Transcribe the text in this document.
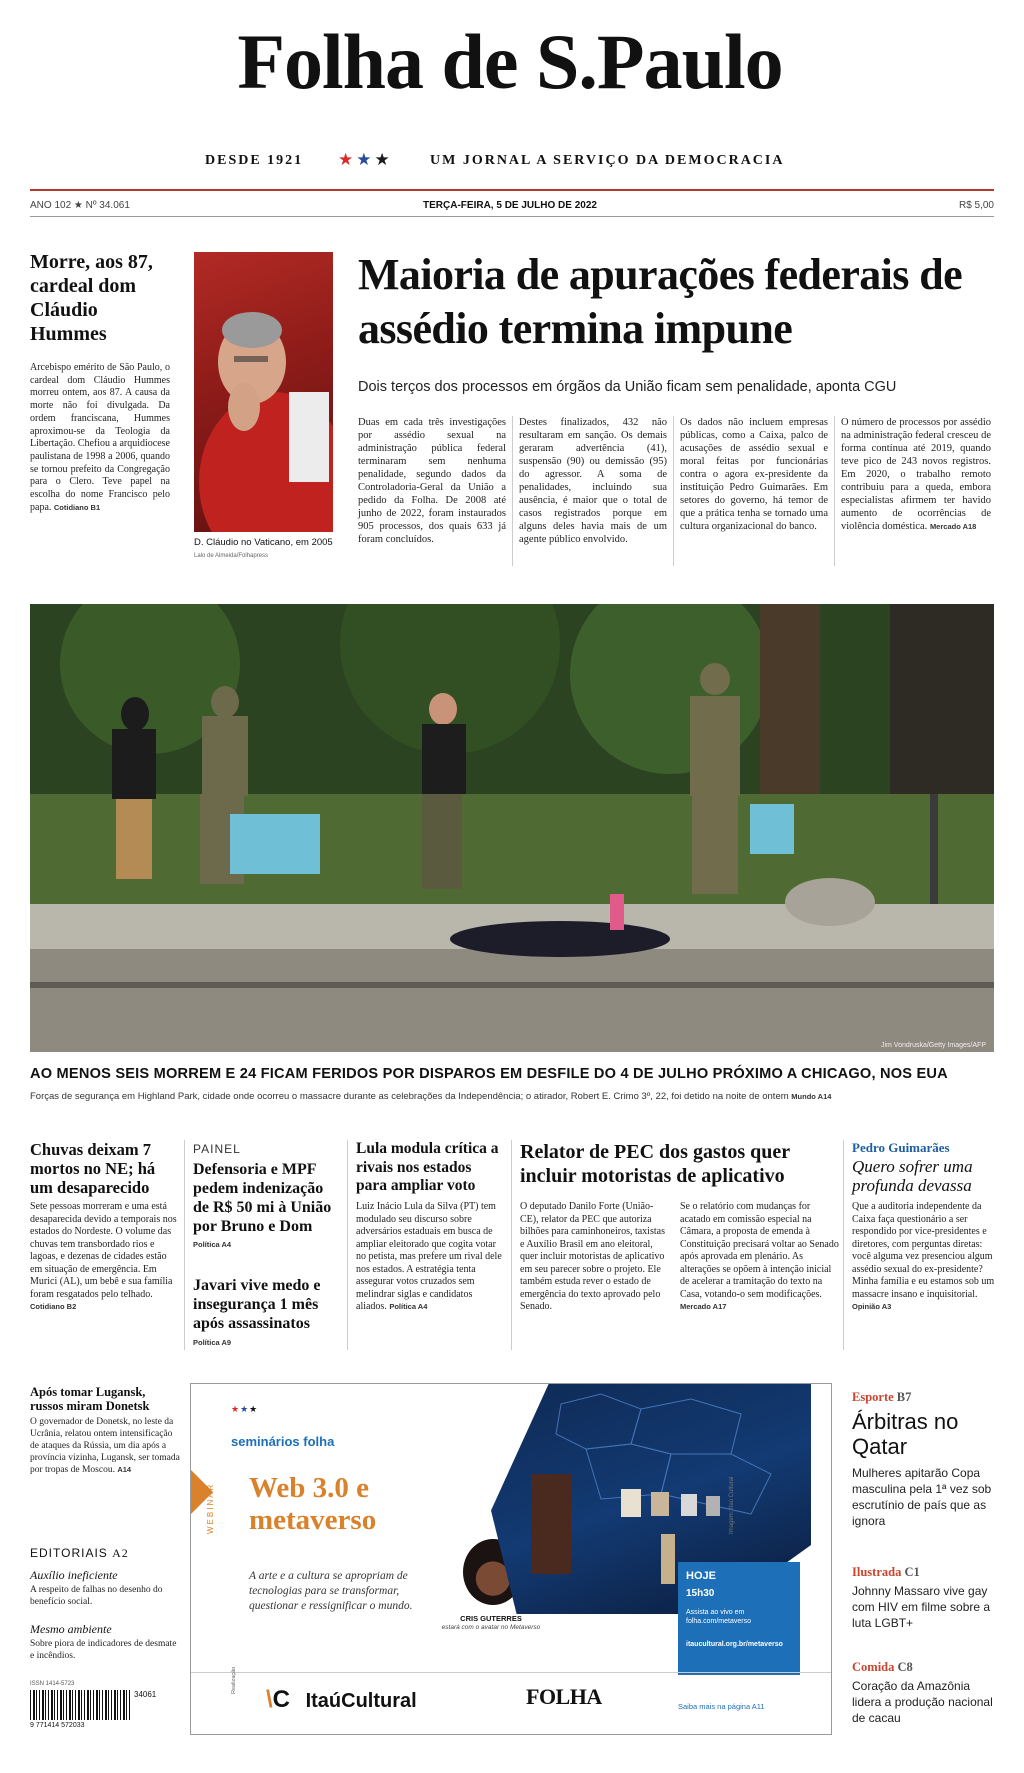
Folha de S.Paulo
DESDE 1921 ★★★	UM JORNAL A SERVIÇO DA DEMOCRACIA
ANO 102 ★ Nº 34.061	TERÇA-FEIRA, 5 DE JULHO DE 2022	R$ 5,00
Morre, aos 87, cardeal dom Cláudio Hummes
Arcebispo emérito de São Paulo, o cardeal dom Cláudio Hummes morreu ontem, aos 87. A causa da morte não foi divulgada. Da ordem franciscana, Hummes aproximou-se da Teologia da Libertação. Chefiou a arquidiocese paulistana de 1998 a 2006, quando se tornou prefeito da Congregação para o Clero. Teve papel na escolha do nome Francisco pelo papa. Cotidiano B1
D. Cláudio no Vaticano, em 2005 Lalo de Almeida/Folhapress
Maioria de apurações federais de assédio termina impune
Dois terços dos processos em órgãos da União ficam sem penalidade, aponta CGU
Duas em cada três investigações por assédio sexual na administração pública federal terminaram sem nenhuma penalidade, segundo dados da Controladoria-Geral da União a pedido da Folha. De 2008 até junho de 2022, foram instaurados 905 processos, dos quais 633 já foram concluídos.
Destes finalizados, 432 não resultaram em sanção. Os demais geraram advertência (41), suspensão (90) ou demissão (95) do agressor. A soma de penalidades, incluindo sua ausência, é maior que o total de casos registrados porque em alguns deles havia mais de um agente público envolvido.
Os dados não incluem empresas públicas, como a Caixa, palco de acusações de assédio sexual e moral feitas por funcionárias contra o agora ex-presidente da instituição Pedro Guimarães. Em setores do governo, há temor de que a prática tenha se tornado uma cultura organizacional do banco.
O número de processos por assédio na administração federal cresceu de forma contínua até 2019, quando teve pico de 243 novos registros. Em 2020, o trabalho remoto contribuiu para a queda, embora especialistas afirmem ter havido aumento de ocorrências de violência doméstica. Mercado A18
Jim Vondruska/Getty Images/AFP
AO MENOS SEIS MORREM E 24 FICAM FERIDOS POR DISPAROS EM DESFILE DO 4 DE JULHO PRÓXIMO A CHICAGO, NOS EUA
Forças de segurança em Highland Park, cidade onde ocorreu o massacre durante as celebrações da Independência; o atirador, Robert E. Crimo 3º, 22, foi detido na noite de ontem Mundo A14
Chuvas deixam 7 mortos no NE; há um desaparecido
Sete pessoas morreram e uma está desaparecida devido a temporais nos estados do Nordeste. O volume das chuvas tem transbordado rios e lagoas, e dezenas de cidades estão em situação de emergência. Em Murici (AL), um bebê e sua família foram resgatados pelo telhado. Cotidiano B2
PAINEL
Defensoria e MPF pedem indenização de R$ 50 mi à União por Bruno e Dom
Política A4
Javari vive medo e insegurança 1 mês após assassinatos
Política A9
Lula modula crítica a rivais nos estados para ampliar voto
Luiz Inácio Lula da Silva (PT) tem modulado seu discurso sobre adversários estaduais em busca de ampliar eleitorado que cogita votar no petista, mas prefere um rival dele nos estados. A estratégia tenta assegurar votos cruzados sem melindrar siglas e candidatos aliados. Política A4
Relator de PEC dos gastos quer incluir motoristas de aplicativo
O deputado Danilo Forte (União-CE), relator da PEC que autoriza bilhões para caminhoneiros, taxistas e Auxílio Brasil em ano eleitoral, quer incluir motoristas de aplicativo em seu parecer sobre o projeto. Ele também estuda rever o estado de emergência do texto aprovado pelo Senado.
Se o relatório com mudanças for acatado em comissão especial na Câmara, a proposta de emenda à Constituição precisará voltar ao Senado após aprovada em plenário. As alterações se opõem à intenção inicial de acelerar a tramitação do texto na Casa, votando-o sem modificações. Mercado A17
Pedro Guimarães
Quero sofrer uma profunda devassa
Que a auditoria independente da Caixa faça questionário a ser respondido por vice-presidentes e diretores, com perguntas diretas: você alguma vez presenciou algum assédio sexual do ex-presidente? Minha família e eu estamos sob um massacre insano e inquisitorial. Opinião A3
Após tomar Lugansk, russos miram Donetsk
O governador de Donetsk, no leste da Ucrânia, relatou ontem intensificação de ataques da Rússia, um dia após a província vizinha, Lugansk, ser tomada por tropas de Moscou. A14
EDITORIAIS A2
Auxílio ineficiente
A respeito de falhas no desenho do benefício social.
Mesmo ambiente
Sobre piora de indicadores de desmate e incêndios.
ISSN 1414-5723
34061
9 771414 572033
★★★
seminários folha
WEBINAR Web 3.0 e metaverso
A arte e a cultura se apropriam de tecnologias para se transformar, questionar e ressignificar o mundo.
CRIS GUTERRES
estará com o avatar no Metaverso
Imagem: Itaú Cultural
HOJE
15h30
Assista ao vivo em folha.com/metaverso
itaucultural.org.br/metaverso
Realização
\C ItaúCultural	FOLHA	Saiba mais na página A11
Esporte B7
Árbitras no Qatar
Mulheres apitarão Copa masculina pela 1ª vez sob escrutínio de país que as ignora
Ilustrada C1
Johnny Massaro vive gay com HIV em filme sobre a luta LGBT+
Comida C8
Coração da Amazônia lidera a produção nacional de cacau
